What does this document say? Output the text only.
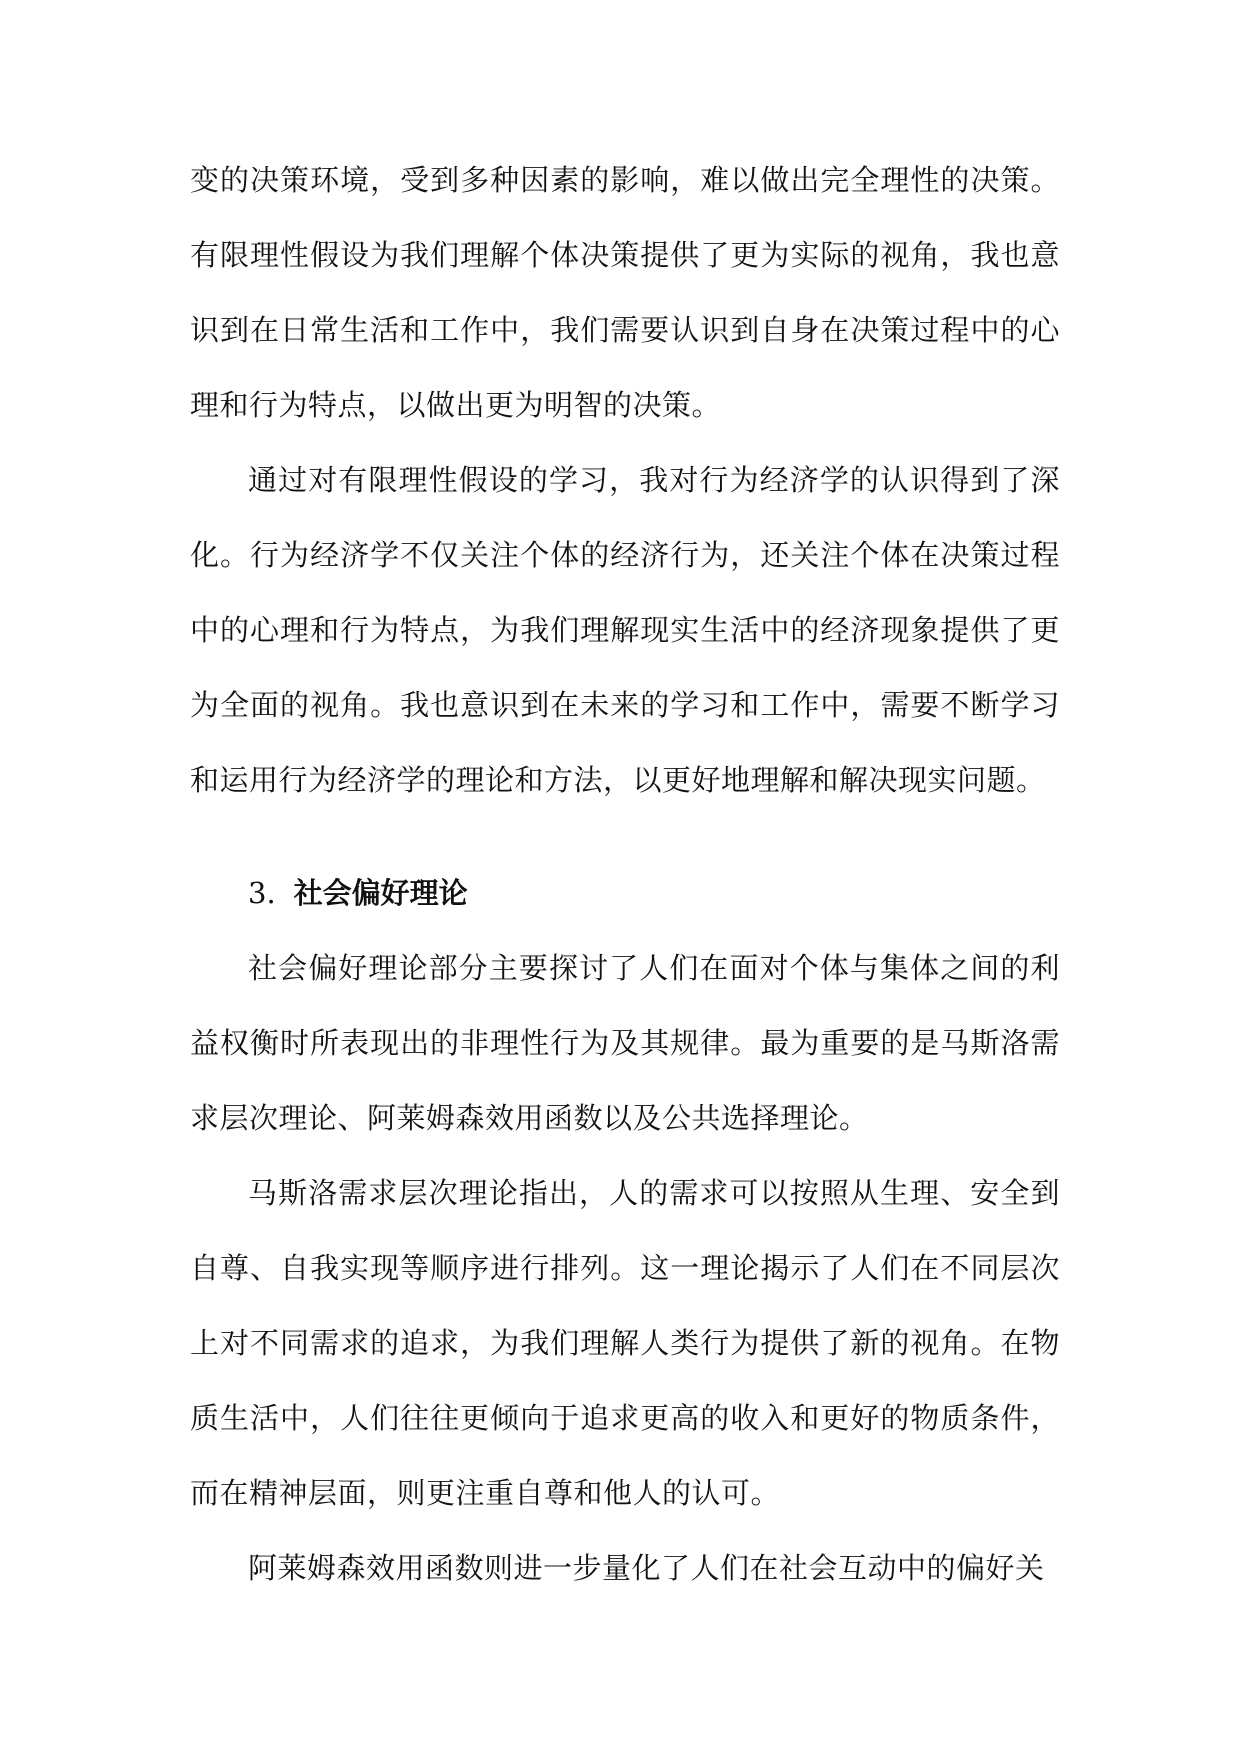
变的决策环境，受到多种因素的影响，难以做出完全理性的决策。有限理性假设为我们理解个体决策提供了更为实际的视角，我也意识到在日常生活和工作中，我们需要认识到自身在决策过程中的心理和行为特点，以做出更为明智的决策。

通过对有限理性假设的学习，我对行为经济学的认识得到了深化。行为经济学不仅关注个体的经济行为，还关注个体在决策过程中的心理和行为特点，为我们理解现实生活中的经济现象提供了更为全面的视角。我也意识到在未来的学习和工作中，需要不断学习和运用行为经济学的理论和方法，以更好地理解和解决现实问题。

3. 社会偏好理论

社会偏好理论部分主要探讨了人们在面对个体与集体之间的利益权衡时所表现出的非理性行为及其规律。最为重要的是马斯洛需求层次理论、阿莱姆森效用函数以及公共选择理论。

马斯洛需求层次理论指出，人的需求可以按照从生理、安全到自尊、自我实现等顺序进行排列。这一理论揭示了人们在不同层次上对不同需求的追求，为我们理解人类行为提供了新的视角。在物质生活中，人们往往更倾向于追求更高的收入和更好的物质条件，而在精神层面，则更注重自尊和他人的认可。

阿莱姆森效用函数则进一步量化了人们在社会互动中的偏好关
